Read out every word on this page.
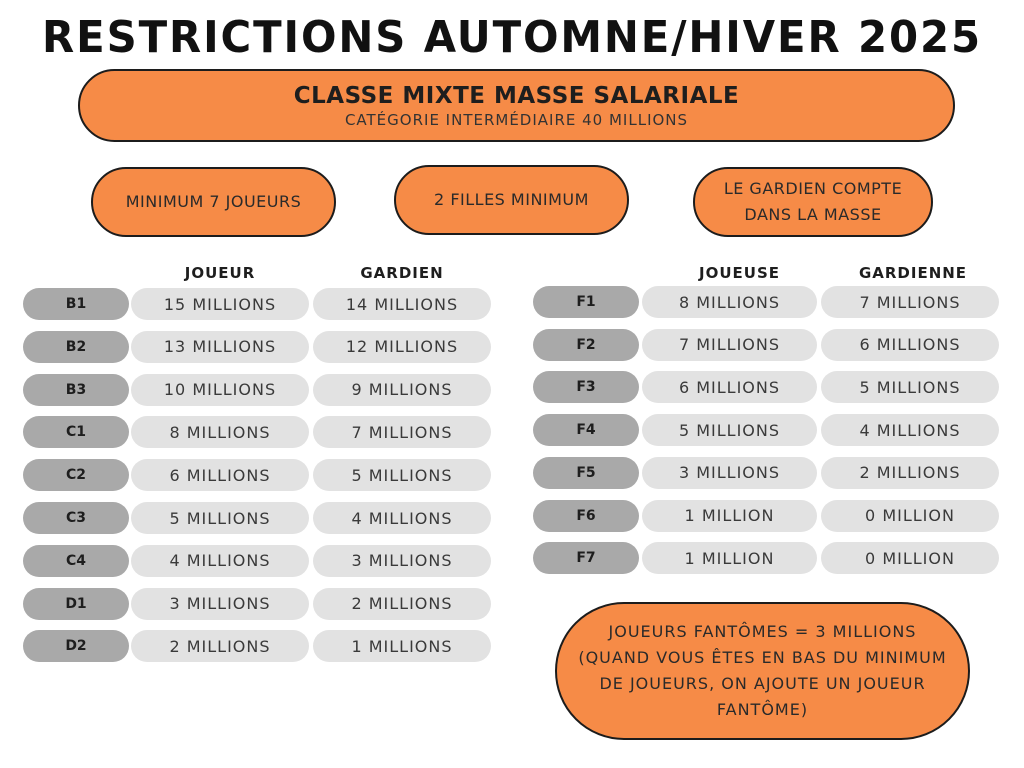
RESTRICTIONS AUTOMNE/HIVER 2025
CLASSE MIXTE MASSE SALARIALE
CATÉGORIE INTERMÉDIAIRE 40 MILLIONS
MINIMUM 7 JOUEURS	2 FILLES MINIMUM
LE GARDIEN COMPTE DANS LA MASSE
JOUEUR	GARDIEN	JOUEUSE	GARDIENNE
B1	15 MILLIONS	14 MILLIONS
B2	13 MILLIONS	12 MILLIONS
B3	10 MILLIONS	9 MILLIONS
C1	8 MILLIONS	7 MILLIONS
C2	6 MILLIONS	5 MILLIONS
C3	5 MILLIONS	4 MILLIONS
C4	4 MILLIONS	3 MILLIONS
D1	3 MILLIONS	2 MILLIONS
D2	2 MILLIONS	1 MILLIONS
F1	8 MILLIONS	7 MILLIONS
F2	7 MILLIONS	6 MILLIONS
F3	6 MILLIONS	5 MILLIONS
F4	5 MILLIONS	4 MILLIONS
F5	3 MILLIONS	2 MILLIONS
F6	1 MILLION	0 MILLION
F7	1 MILLION	0 MILLION
JOUEURS FANTÔMES = 3 MILLIONS (QUAND VOUS ÊTES EN BAS DU MINIMUM DE JOUEURS, ON AJOUTE UN JOUEUR FANTÔME)
